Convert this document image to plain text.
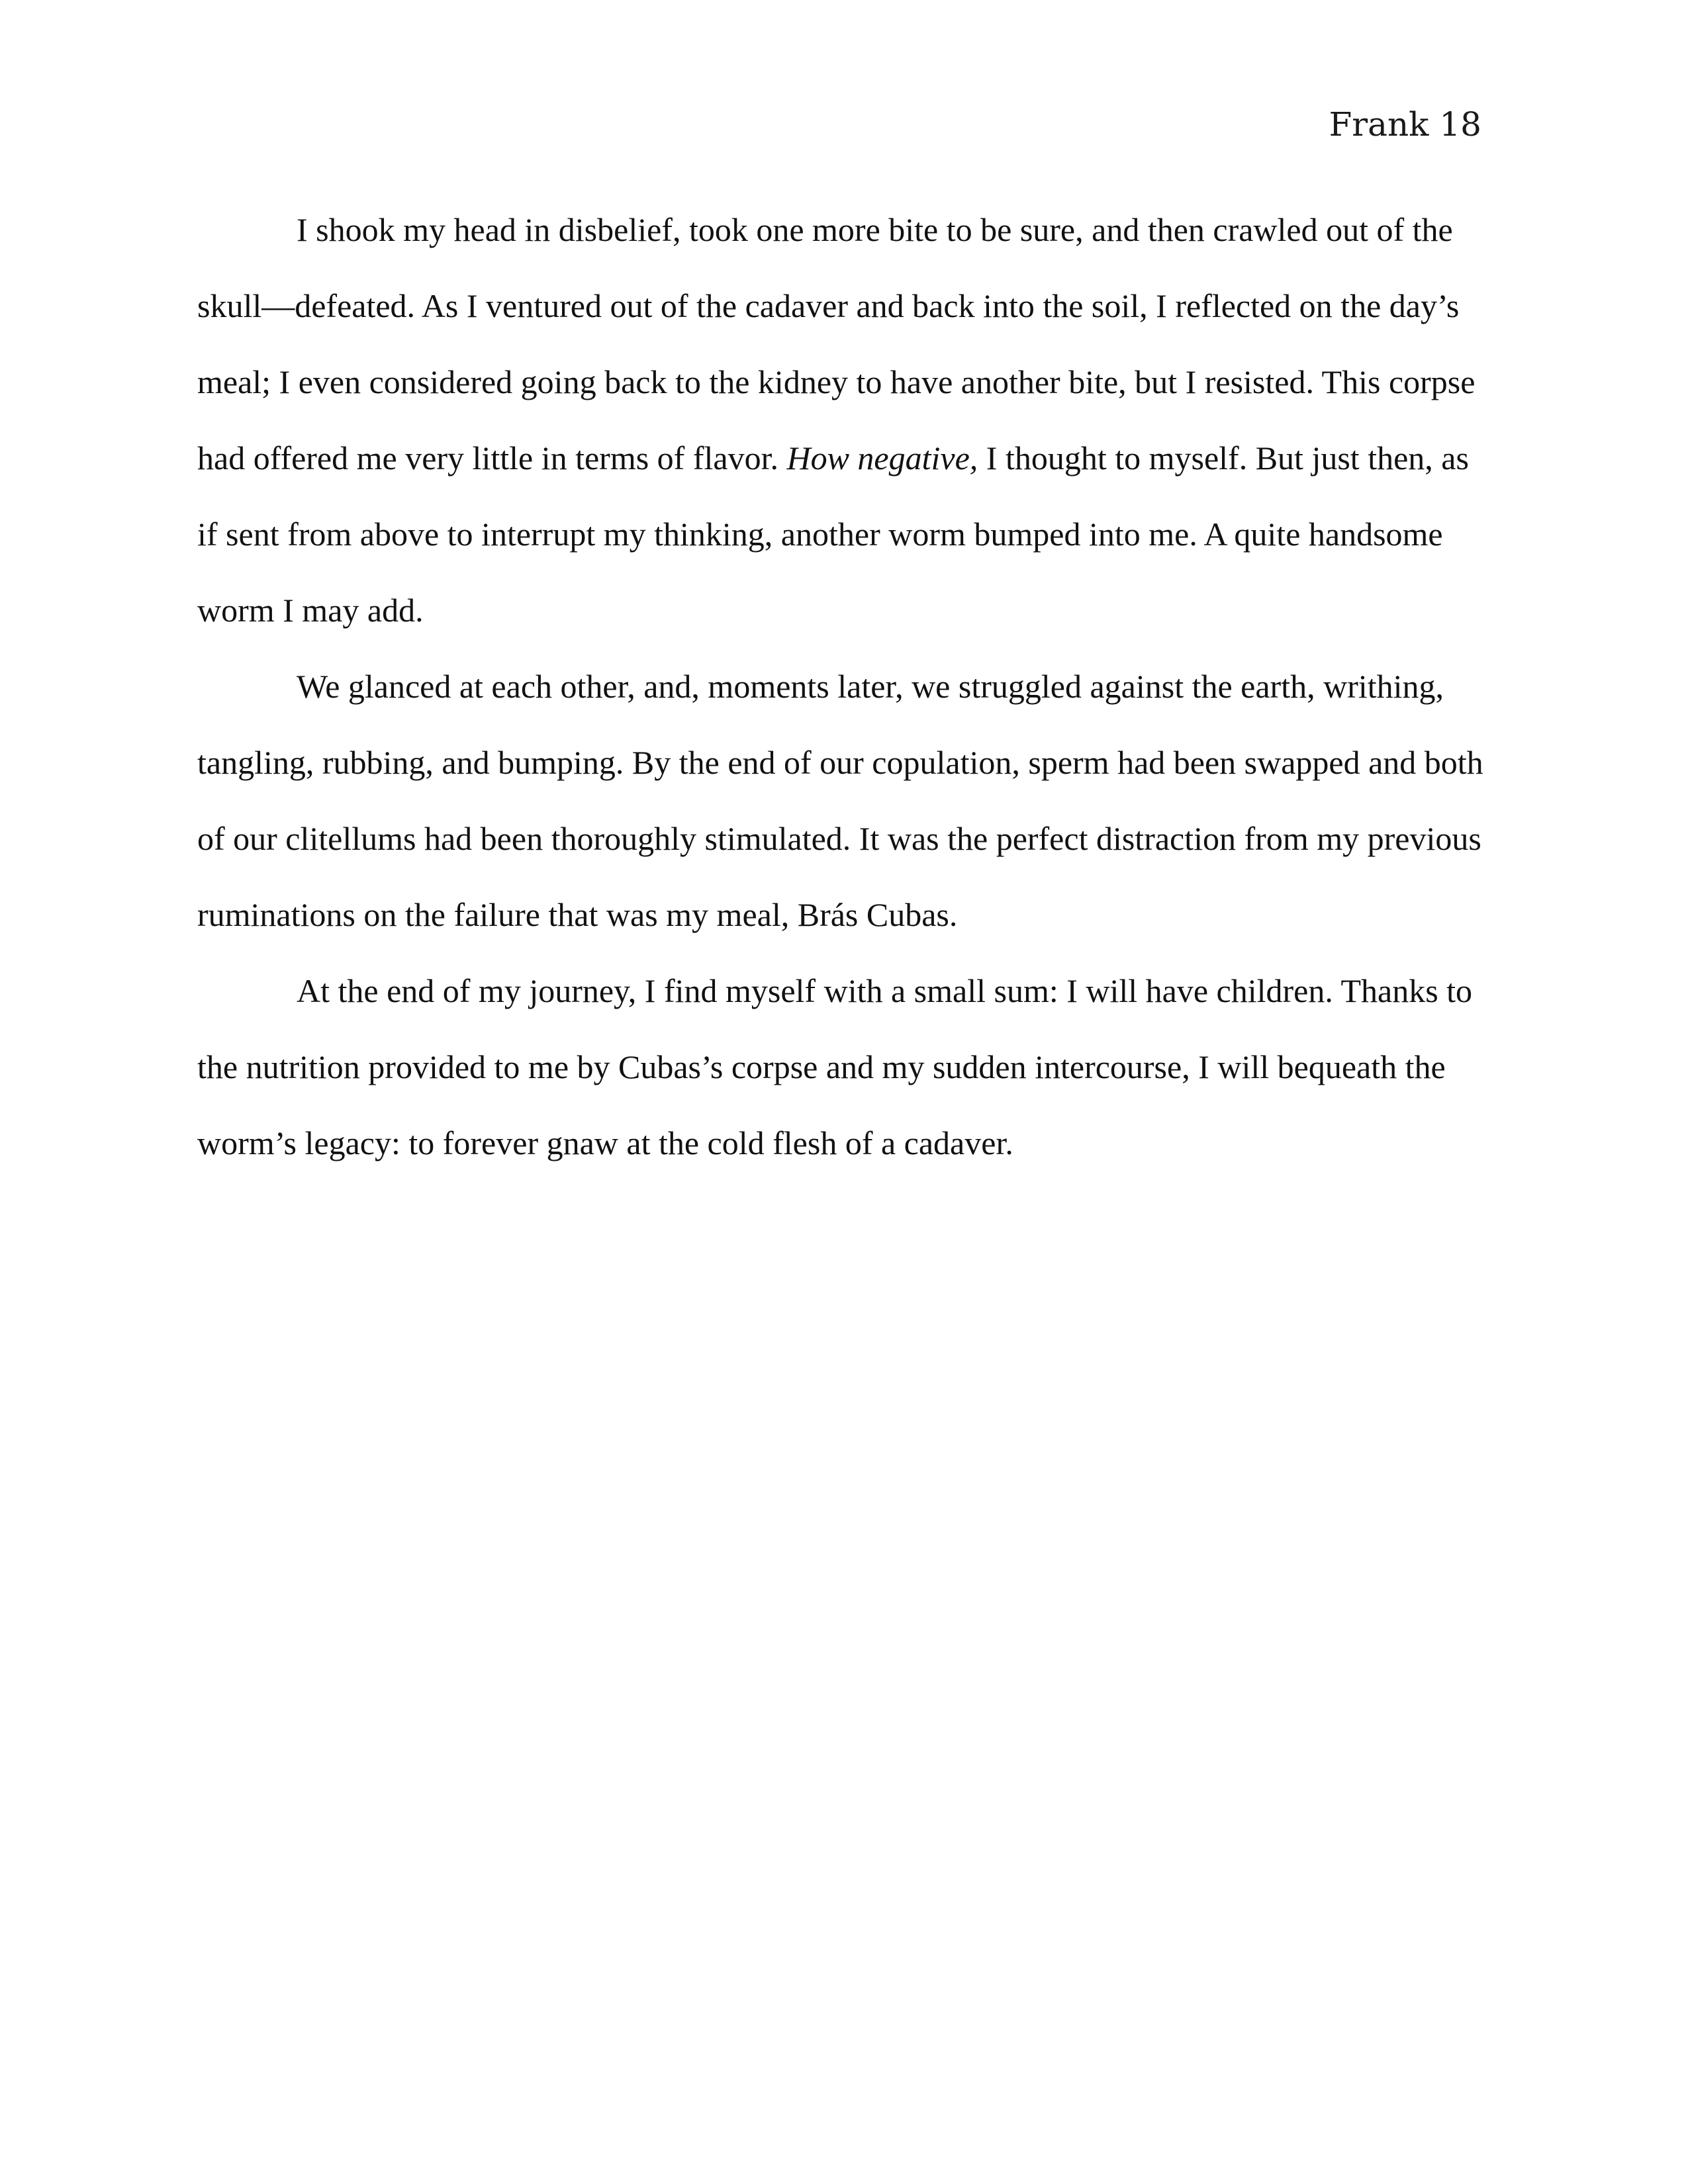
Frank 18

I shook my head in disbelief, took one more bite to be sure, and then crawled out of the skull—defeated. As I ventured out of the cadaver and back into the soil, I reflected on the day’s meal; I even considered going back to the kidney to have another bite, but I resisted. This corpse had offered me very little in terms of flavor. How negative, I thought to myself. But just then, as if sent from above to interrupt my thinking, another worm bumped into me. A quite handsome worm I may add.

We glanced at each other, and, moments later, we struggled against the earth, writhing, tangling, rubbing, and bumping. By the end of our copulation, sperm had been swapped and both of our clitellums had been thoroughly stimulated. It was the perfect distraction from my previous ruminations on the failure that was my meal, Brás Cubas.

At the end of my journey, I find myself with a small sum: I will have children. Thanks to the nutrition provided to me by Cubas’s corpse and my sudden intercourse, I will bequeath the worm’s legacy: to forever gnaw at the cold flesh of a cadaver.
